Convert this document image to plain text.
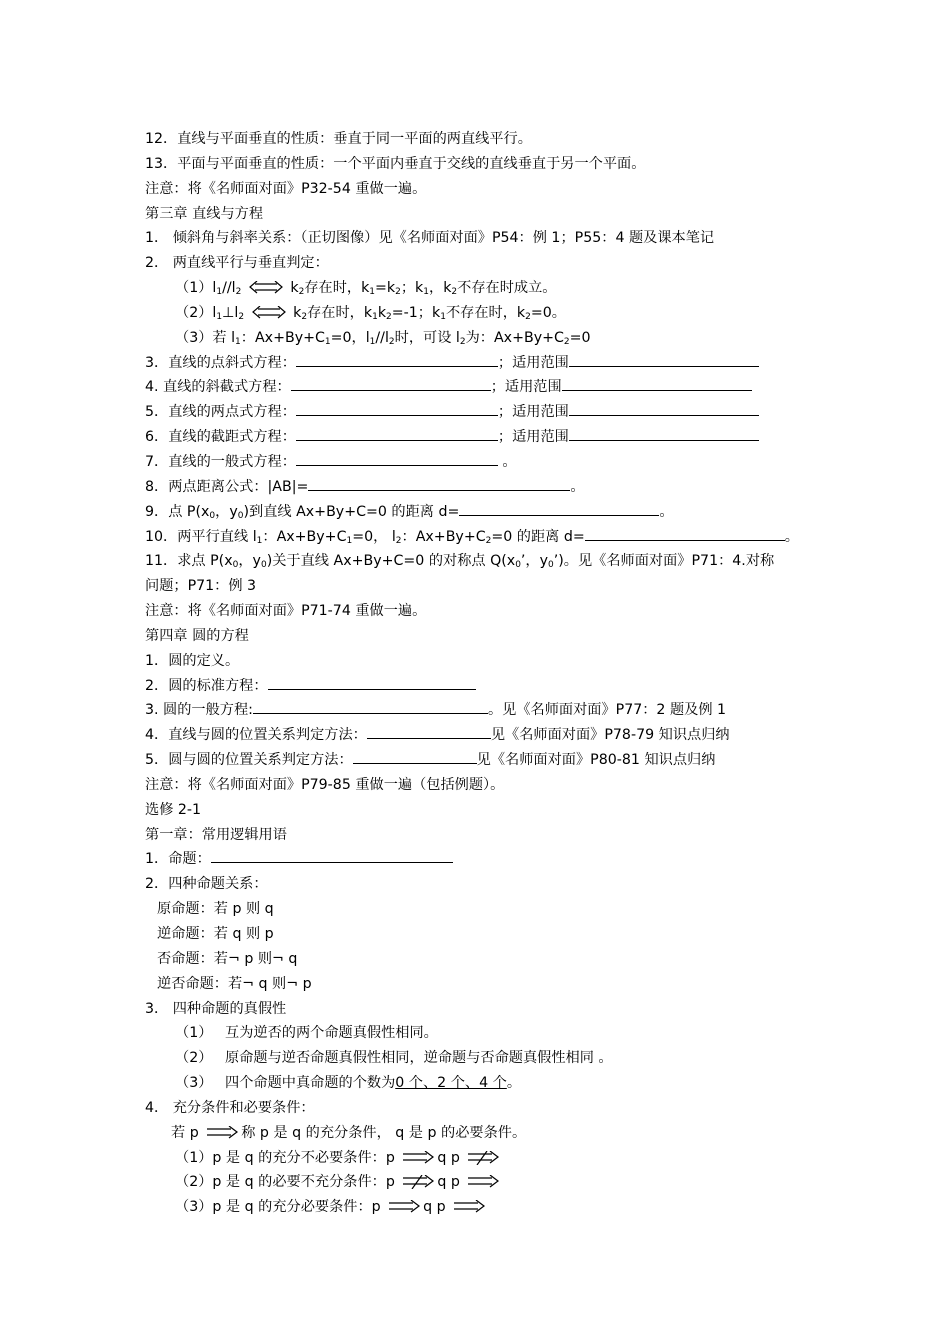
12．直线与平面垂直的性质：垂直于同一平面的两直线平行。
13．平面与平面垂直的性质：一个平面内垂直于交线的直线垂直于另一个平面。
注意：将《名师面对面》P32-54 重做一遍。
第三章 直线与方程
1． 倾斜角与斜率关系：（正切图像）见《名师面对面》P54：例 1；P55：4 题及课本笔记
2． 两直线平行与垂直判定：
$(1)l_1//l_2$	$k_2$存在时，$k_1=k_2$；$k_1$，$k_2$不存在时成立。
$(2)l_1\perp l_2$	$k_2$存在时，$k_1k_2=-1$；$k_1$不存在时，$k_2=0$。
（3）若 $l_1$：$Ax+By+C_1=0$，$l_1//l_2$时，可设 $l_2$为：$Ax+By+C_2=0$
3．直线的点斜式方程：	；适用范围
4. 直线的斜截式方程：	；适用范围
5．直线的两点式方程：	；适用范围
6．直线的截距式方程：	；适用范围
7．直线的一般式方程：	。
8．两点距离公式：|AB|=	。
9．点 $P(x_0$，$y_0$)到直线 Ax+By+C=0 的距离 d=	。
10．两平行直线 $l_1$：$Ax+By+C_1=0$， $l_2$：$Ax+By+C_2=0$ 的距离 d=	。
11．求点 $P(x_0$，$y_0$)关于直线 Ax+By+C=0 的对称点 $Q(x_0$’，$y_0$’)。见《名师面对面》P71：4.对称
问题；P71：例 3
注意：将《名师面对面》P71-74 重做一遍。
第四章 圆的方程
1．圆的定义。
2．圆的标准方程：
3. 圆的一般方程:	。见《名师面对面》P77：2 题及例 1
4．直线与圆的位置关系判定方法：	见《名师面对面》P78-79 知识点归纳
5．圆与圆的位置关系判定方法：	见《名师面对面》P80-81 知识点归纳
注意：将《名师面对面》P79-85 重做一遍（包括例题）。
选修 2-1
第一章：常用逻辑用语
1．命题：
2．四种命题关系：
原命题：若 p 则 q
逆命题：若 q 则 p
否命题：若¬ p 则¬ q
逆否命题：若¬ q 则¬ p
3． 四种命题的真假性
（1） 互为逆否的两个命题真假性相同。
（2） 原命题与逆否命题真假性相同，逆命题与否命题真假性相同 。
（3） 四个命题中真命题的个数为0 个、2 个、4 个。
4． 充分条件和必要条件：
若 p	称 p 是 q 的充分条件， q 是 p 的必要条件。
（1）p 是 q 的充分不必要条件：p	q p
（2）p 是 q 的必要不充分条件：p	q p
（3）p 是 q 的充分必要条件：p	q p
